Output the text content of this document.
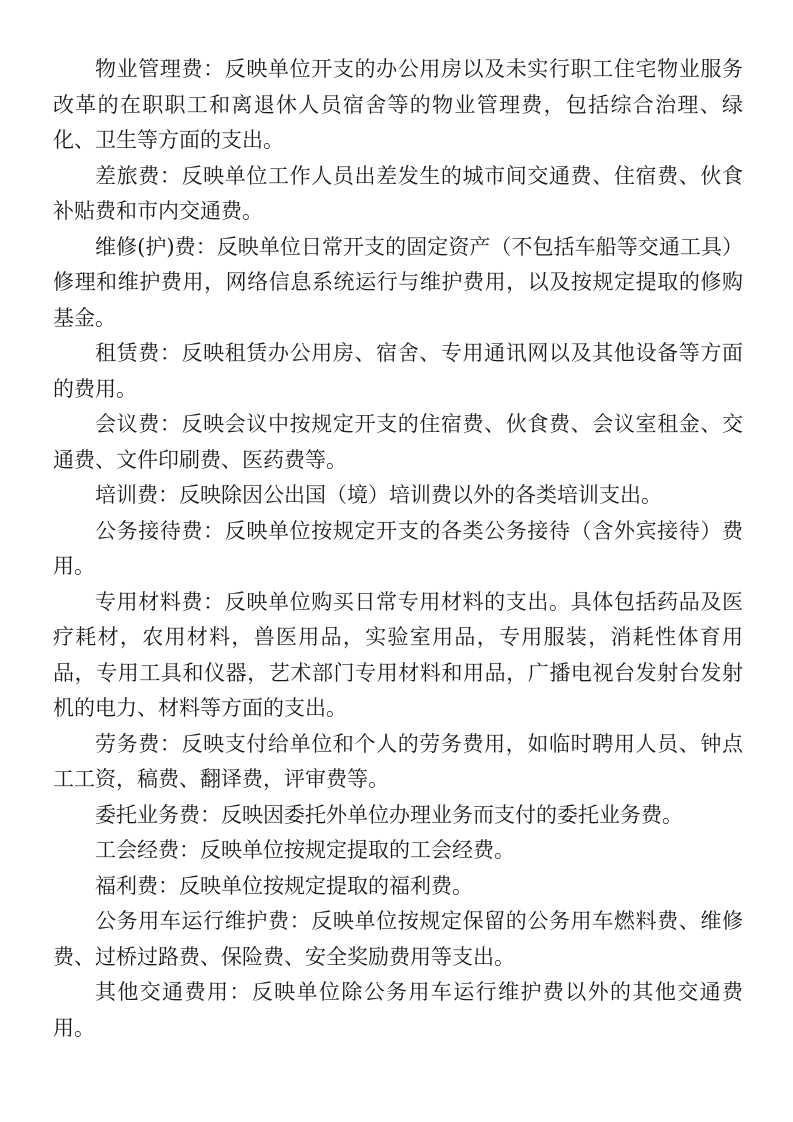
物业管理费：反映单位开支的办公用房以及未实行职工住宅物业服务改革的在职职工和离退休人员宿舍等的物业管理费，包括综合治理、绿化、卫生等方面的支出。

差旅费：反映单位工作人员出差发生的城市间交通费、住宿费、伙食补贴费和市内交通费。

维修(护)费：反映单位日常开支的固定资产（不包括车船等交通工具）修理和维护费用，网络信息系统运行与维护费用，以及按规定提取的修购基金。

租赁费：反映租赁办公用房、宿舍、专用通讯网以及其他设备等方面的费用。

会议费：反映会议中按规定开支的住宿费、伙食费、会议室租金、交通费、文件印刷费、医药费等。

培训费：反映除因公出国（境）培训费以外的各类培训支出。

公务接待费：反映单位按规定开支的各类公务接待（含外宾接待）费用。

专用材料费：反映单位购买日常专用材料的支出。具体包括药品及医疗耗材，农用材料，兽医用品，实验室用品，专用服装，消耗性体育用品，专用工具和仪器，艺术部门专用材料和用品，广播电视台发射台发射机的电力、材料等方面的支出。

劳务费：反映支付给单位和个人的劳务费用，如临时聘用人员、钟点工工资，稿费、翻译费，评审费等。

委托业务费：反映因委托外单位办理业务而支付的委托业务费。

工会经费：反映单位按规定提取的工会经费。

福利费：反映单位按规定提取的福利费。

公务用车运行维护费：反映单位按规定保留的公务用车燃料费、维修费、过桥过路费、保险费、安全奖励费用等支出。

其他交通费用：反映单位除公务用车运行维护费以外的其他交通费用。
